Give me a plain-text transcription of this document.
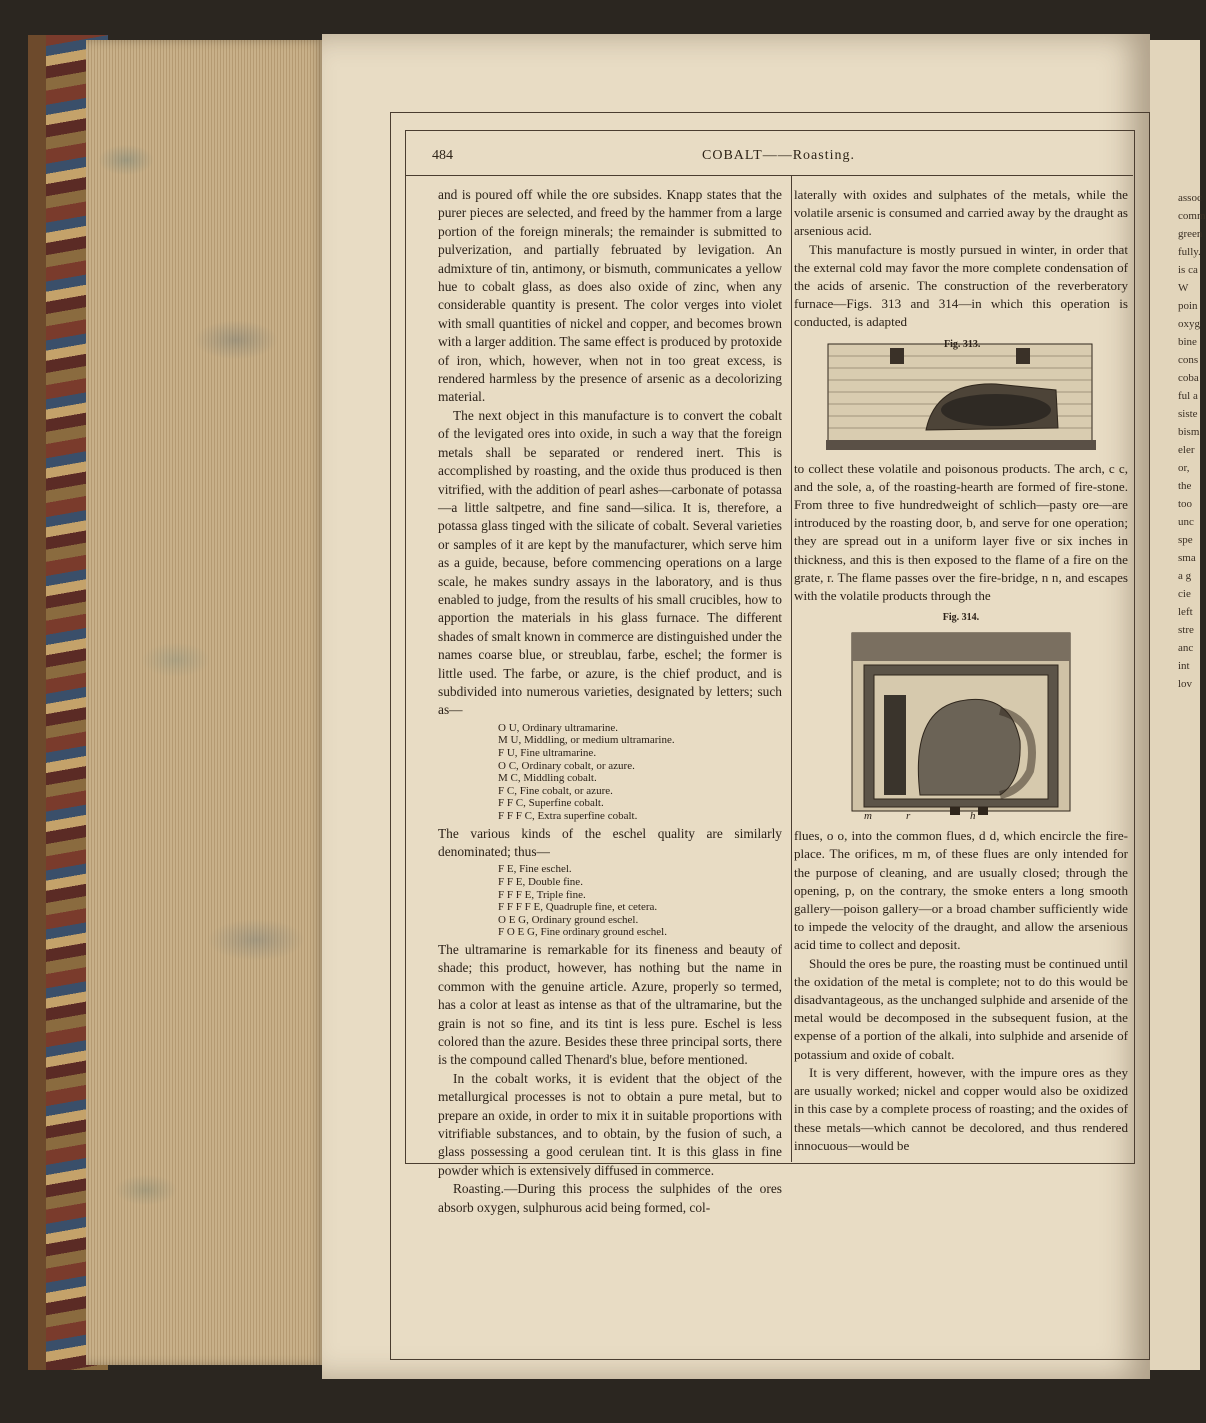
assoc
comm
green
fully.
is ca
W
poin
oxyg
bine
cons
coba
ful a
siste
bism
eler
or,
the
too
unc
spe
sma
a g
cie
left
stre
anc
int
lov
484	COBALT——Roasting.

and is poured off while the ore subsides. Knapp states that the purer pieces are selected, and freed by the hammer from a large portion of the foreign minerals; the remainder is submitted to pulverization, and partially februated by levigation. An admixture of tin, antimony, or bismuth, communicates a yellow hue to cobalt glass, as does also oxide of zinc, when any considerable quantity is present. The color verges into violet with small quantities of nickel and copper, and becomes brown with a larger addition. The same effect is produced by protoxide of iron, which, however, when not in too great excess, is rendered harmless by the presence of arsenic as a decolorizing material.

The next object in this manufacture is to convert the cobalt of the levigated ores into oxide, in such a way that the foreign metals shall be separated or rendered inert. This is accomplished by roasting, and the oxide thus produced is then vitrified, with the addition of pearl ashes—carbonate of potassa—a little saltpetre, and fine sand—silica. It is, therefore, a potassa glass tinged with the silicate of cobalt. Several varieties or samples of it are kept by the manufacturer, which serve him as a guide, because, before commencing operations on a large scale, he makes sundry assays in the laboratory, and is thus enabled to judge, from the results of his small crucibles, how to apportion the materials in his glass furnace. The different shades of smalt known in commerce are distinguished under the names coarse blue, or streublau, farbe, eschel; the former is little used. The farbe, or azure, is the chief product, and is subdivided into numerous varieties, designated by letters; such as—

O U, Ordinary ultramarine.
M U, Middling, or medium ultramarine.
F U, Fine ultramarine.
O C, Ordinary cobalt, or azure.
M C, Middling cobalt.
F C, Fine cobalt, or azure.
F F C, Superfine cobalt.
F F F C, Extra superfine cobalt.

The various kinds of the eschel quality are similarly denominated; thus—

F E, Fine eschel.
F F E, Double fine.
F F F E, Triple fine.
F F F F E, Quadruple fine, et cetera.
O E G, Ordinary ground eschel.
F O E G, Fine ordinary ground eschel.

The ultramarine is remarkable for its fineness and beauty of shade; this product, however, has nothing but the name in common with the genuine article. Azure, properly so termed, has a color at least as intense as that of the ultramarine, but the grain is not so fine, and its tint is less pure. Eschel is less colored than the azure. Besides these three principal sorts, there is the compound called Thenard's blue, before mentioned.

In the cobalt works, it is evident that the object of the metallurgical processes is not to obtain a pure metal, but to prepare an oxide, in order to mix it in suitable proportions with vitrifiable substances, and to obtain, by the fusion of such, a glass possessing a good cerulean tint. It is this glass in fine powder which is extensively diffused in commerce.

Roasting.—During this process the sulphides of the ores absorb oxygen, sulphurous acid being formed, col-

laterally with oxides and sulphates of the metals, while the volatile arsenic is consumed and carried away by the draught as arsenious acid.

This manufacture is mostly pursued in winter, in order that the external cold may favor the more complete condensation of the acids of arsenic. The construction of the reverberatory furnace—Figs. 313 and 314—in which this operation is conducted, is adapted

Fig. 313.

to collect these volatile and poisonous products. The arch, c c, and the sole, a, of the roasting-hearth are formed of fire-stone. From three to five hundredweight of schlich—pasty ore—are introduced by the roasting door, b, and serve for one operation; they are spread out in a uniform layer five or six inches in thickness, and this is then exposed to the flame of a fire on the grate, r. The flame passes over the fire-bridge, n n, and escapes with the volatile products through the

Fig. 314.
m	r	h

flues, o o, into the common flues, d d, which encircle the fire-place. The orifices, m m, of these flues are only intended for the purpose of cleaning, and are usually closed; through the opening, p, on the contrary, the smoke enters a long smooth gallery—poison gallery—or a broad chamber sufficiently wide to impede the velocity of the draught, and allow the arsenious acid time to collect and deposit.

Should the ores be pure, the roasting must be continued until the oxidation of the metal is complete; not to do this would be disadvantageous, as the unchanged sulphide and arsenide of the metal would be decomposed in the subsequent fusion, at the expense of a portion of the alkali, into sulphide and arsenide of potassium and oxide of cobalt.

It is very different, however, with the impure ores as they are usually worked; nickel and copper would also be oxidized in this case by a complete process of roasting; and the oxides of these metals—which cannot be decolored, and thus rendered innocuous—would be
